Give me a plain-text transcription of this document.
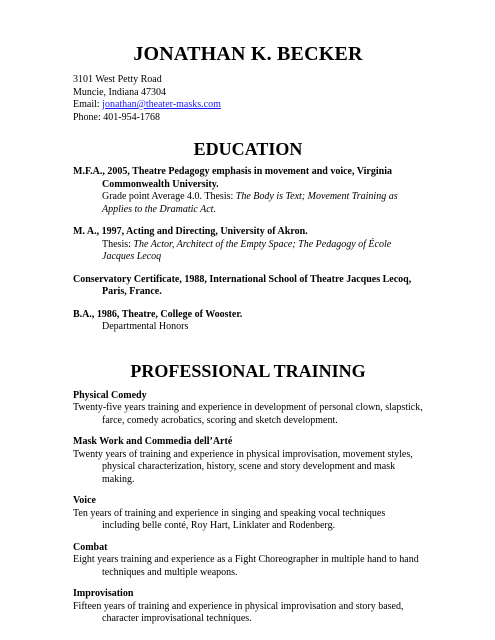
JONATHAN K. BECKER
3101 West Petty Road
Muncie, Indiana 47304
Email: jonathan@theater-masks.com
Phone: 401-954-1768
EDUCATION
M.F.A., 2005, Theatre Pedagogy emphasis in movement and voice, Virginia Commonwealth University.
Grade point Average 4.0. Thesis: The Body is Text; Movement Training as Applies to the Dramatic Act.
M. A., 1997, Acting and Directing, University of Akron.
Thesis: The Actor, Architect of the Empty Space; The Pedagogy of École Jacques Lecoq
Conservatory Certificate, 1988, International School of Theatre Jacques Lecoq, Paris, France.
B.A., 1986, Theatre, College of Wooster.
Departmental Honors
PROFESSIONAL TRAINING
Physical Comedy
Twenty-five years training and experience in development of personal clown, slapstick, farce, comedy acrobatics, scoring and sketch development.
Mask Work and Commedia dell’Arté
Twenty years of training and experience in physical improvisation, movement styles, physical characterization, history, scene and story development and mask making.
Voice
Ten years of training and experience in singing and speaking vocal techniques including belle conté, Roy Hart, Linklater and Rodenberg.
Combat
Eight years training and experience as a Fight Choreographer in multiple hand to hand techniques and multiple weapons.
Improvisation
Fifteen years of training and experience in physical improvisation and story based, character improvisational techniques.
